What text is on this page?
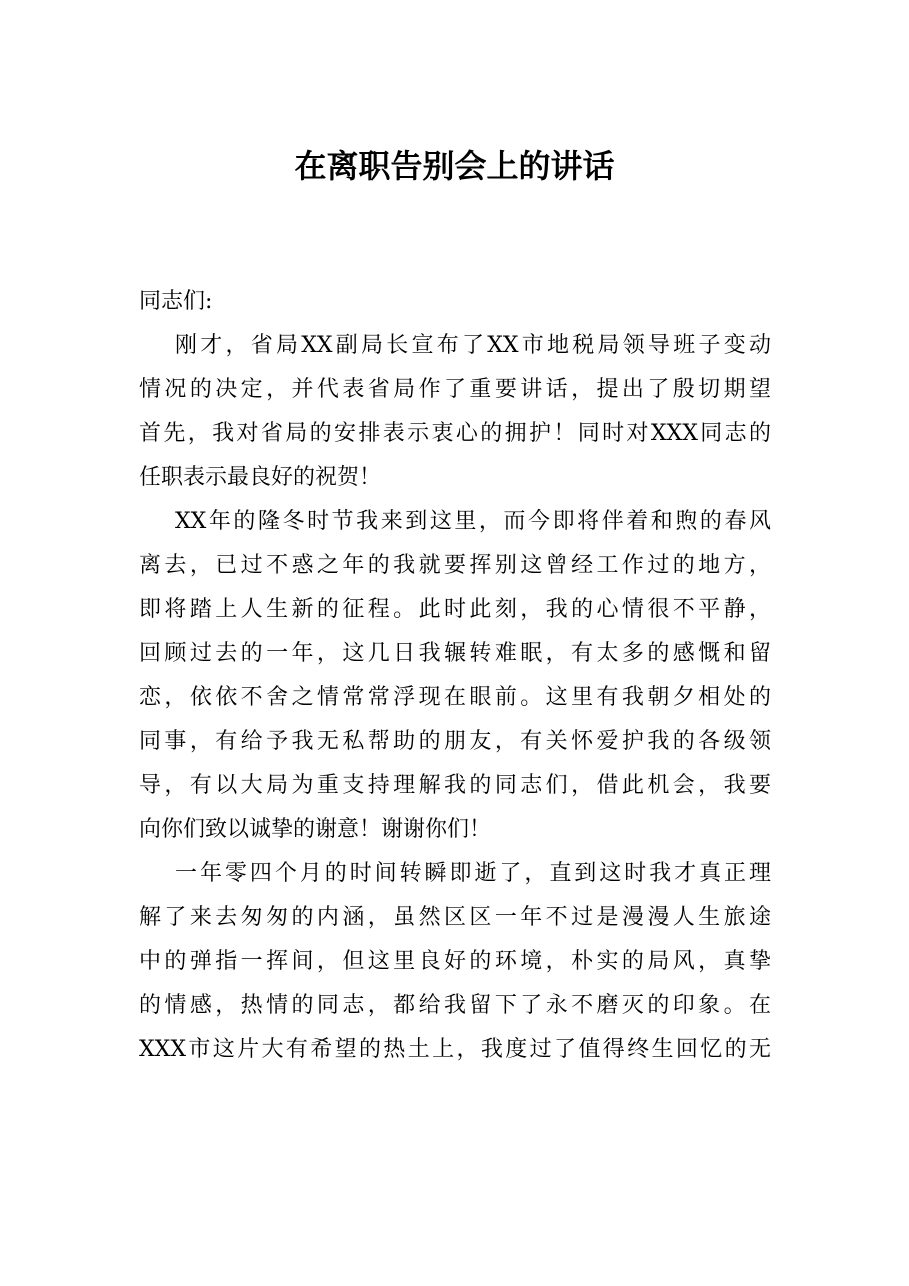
在离职告别会上的讲话
同志们:
刚才，省局XX副局长宣布了XX市地税局领导班子变动
情况的决定，并代表省局作了重要讲话，提出了殷切期望
首先，我对省局的安排表示衷心的拥护！同时对XXX同志的
任职表示最良好的祝贺！
XX年的隆冬时节我来到这里，而今即将伴着和煦的春风
离去，已过不惑之年的我就要挥别这曾经工作过的地方，
即将踏上人生新的征程。此时此刻，我的心情很不平静，
回顾过去的一年，这几日我辗转难眠，有太多的感慨和留
恋，依依不舍之情常常浮现在眼前。这里有我朝夕相处的
同事，有给予我无私帮助的朋友，有关怀爱护我的各级领
导，有以大局为重支持理解我的同志们，借此机会，我要
向你们致以诚挚的谢意！谢谢你们！
一年零四个月的时间转瞬即逝了，直到这时我才真正理
解了来去匆匆的内涵，虽然区区一年不过是漫漫人生旅途
中的弹指一挥间，但这里良好的环境，朴实的局风，真挚
的情感，热情的同志，都给我留下了永不磨灭的印象。在
XXX市这片大有希望的热土上，我度过了值得终生回忆的无
